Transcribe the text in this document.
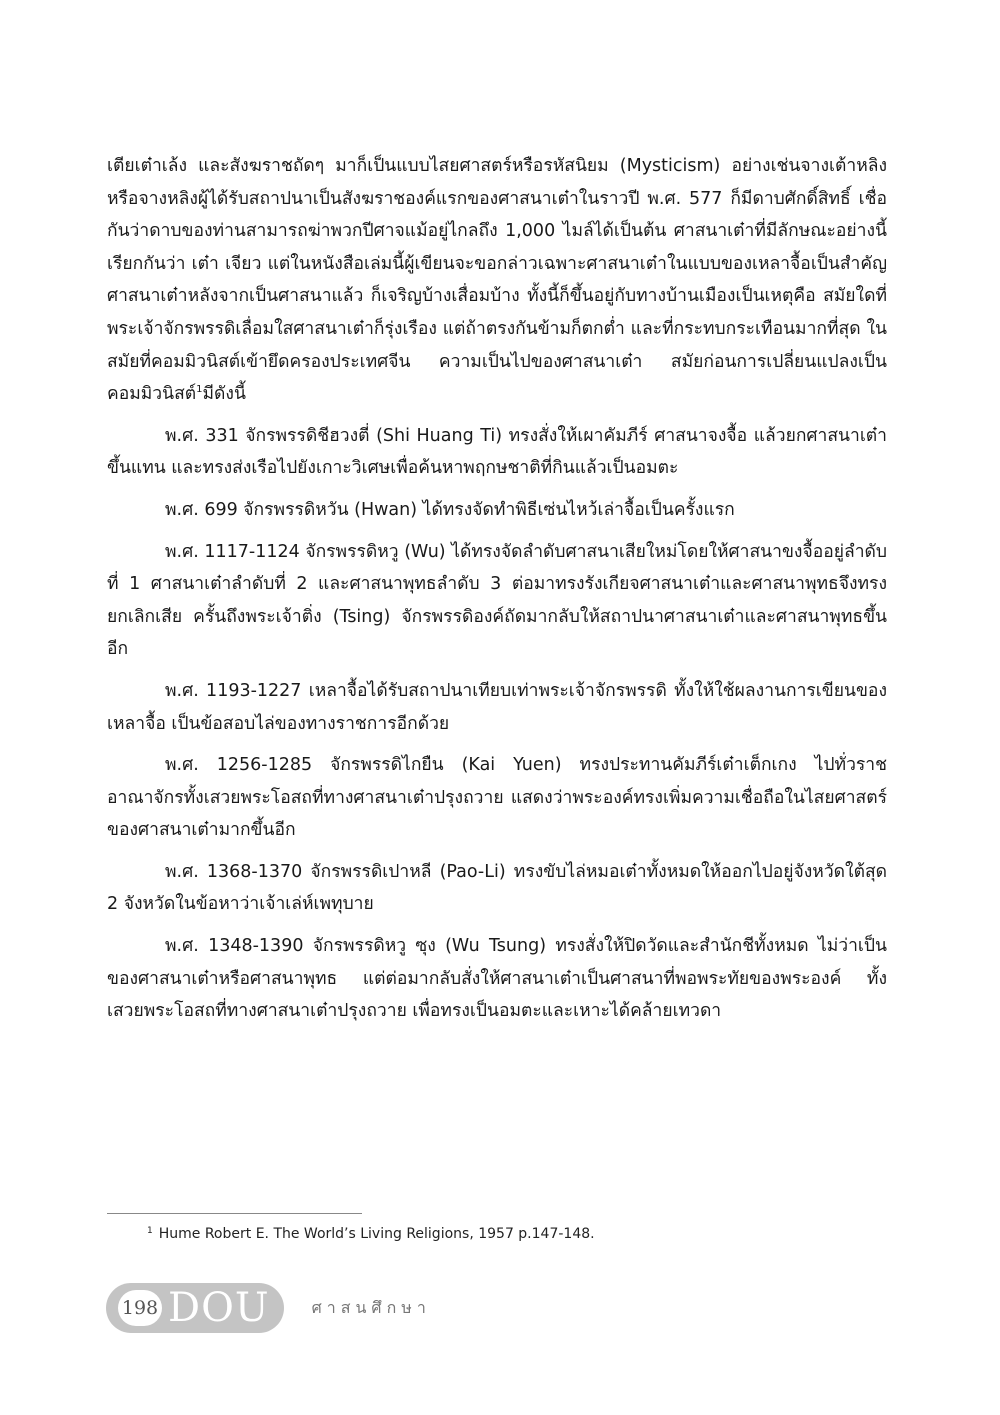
เตียเต๋าเล้ง และสังฆราชถัดๆ มาก็เป็นแบบไสยศาสตร์หรือรหัสนิยม (Mysticism) อย่างเช่นจางเต้าหลิง หรือจางหลิงผู้ได้รับสถาปนาเป็นสังฆราชองค์แรกของศาสนาเต๋าในราวปี พ.ศ. 577 ก็มีดาบศักดิ์สิทธิ์ เชื่อกันว่าดาบของท่านสามารถฆ่าพวกปีศาจแม้อยู่ไกลถึง 1,000 ไมล์ได้เป็นต้น ศาสนาเต๋าที่มีลักษณะอย่างนี้เรียกกันว่า เต๋า เจียว แต่ในหนังสือเล่มนี้ผู้เขียนจะขอกล่าวเฉพาะศาสนาเต๋าในแบบของเหลาจื้อเป็นสำคัญ ศาสนาเต๋าหลังจากเป็นศาสนาแล้ว ก็เจริญบ้างเสื่อมบ้าง ทั้งนี้ก็ขึ้นอยู่กับทางบ้านเมืองเป็นเหตุคือ สมัยใดที่พระเจ้าจักรพรรดิเลื่อมใสศาสนาเต๋าก็รุ่งเรือง แต่ถ้าตรงกันข้ามก็ตกต่ำ และที่กระทบกระเทือนมากที่สุด ในสมัยที่คอมมิวนิสต์เข้ายึดครองประเทศจีน ความเป็นไปของศาสนาเต๋า สมัยก่อนการเปลี่ยนแปลงเป็นคอมมิวนิสต์$^1$มีดังนี้

พ.ศ. 331 จักรพรรดิชีฮวงตี่ (Shi Huang Ti) ทรงสั่งให้เผาคัมภีร์ ศาสนาจงจื้อ แล้วยกศาสนาเต๋าขึ้นแทน และทรงส่งเรือไปยังเกาะวิเศษเพื่อค้นหาพฤกษชาติที่กินแล้วเป็นอมตะ

พ.ศ. 699 จักรพรรดิหวัน (Hwan) ได้ทรงจัดทำพิธีเซ่นไหว้เล่าจื้อเป็นครั้งแรก

พ.ศ. 1117-1124 จักรพรรดิหวู (Wu) ได้ทรงจัดลำดับศาสนาเสียใหม่โดยให้ศาสนาขงจื้ออยู่ลำดับที่ 1 ศาสนาเต๋าลำดับที่ 2 และศาสนาพุทธลำดับ 3 ต่อมาทรงรังเกียจศาสนาเต๋าและศาสนาพุทธจึงทรงยกเลิกเสีย ครั้นถึงพระเจ้าติ่ง (Tsing) จักรพรรดิองค์ถัดมากลับให้สถาปนาศาสนาเต๋าและศาสนาพุทธขึ้นอีก

พ.ศ. 1193-1227 เหลาจื้อได้รับสถาปนาเทียบเท่าพระเจ้าจักรพรรดิ ทั้งให้ใช้ผลงานการเขียนของเหลาจื้อ เป็นข้อสอบไล่ของทางราชการอีกด้วย

พ.ศ. 1256-1285 จักรพรรดิไกยืน (Kai Yuen) ทรงประทานคัมภีร์เต๋าเต็กเกง ไปทั่วราชอาณาจักรทั้งเสวยพระโอสถที่ทางศาสนาเต๋าปรุงถวาย แสดงว่าพระองค์ทรงเพิ่มความเชื่อถือในไสยศาสตร์ของศาสนาเต๋ามากขึ้นอีก

พ.ศ. 1368-1370 จักรพรรดิเปาหลี (Pao-Li) ทรงขับไล่หมอเต๋าทั้งหมดให้ออกไปอยู่จังหวัดใต้สุด 2 จังหวัดในข้อหาว่าเจ้าเล่ห์เพทุบาย

พ.ศ. 1348-1390 จักรพรรดิหวู ซุง (Wu Tsung) ทรงสั่งให้ปิดวัดและสำนักชีทั้งหมด ไม่ว่าเป็นของศาสนาเต๋าหรือศาสนาพุทธ แต่ต่อมากลับสั่งให้ศาสนาเต๋าเป็นศาสนาที่พอพระทัยของพระองค์ ทั้งเสวยพระโอสถที่ทางศาสนาเต๋าปรุงถวาย เพื่อทรงเป็นอมตะและเหาะได้คล้ายเทวดา

$^1$ Hume Robert E. The World’s Living Religions, 1957 p.147-148.
198 DOU	ศาสนศึกษา
